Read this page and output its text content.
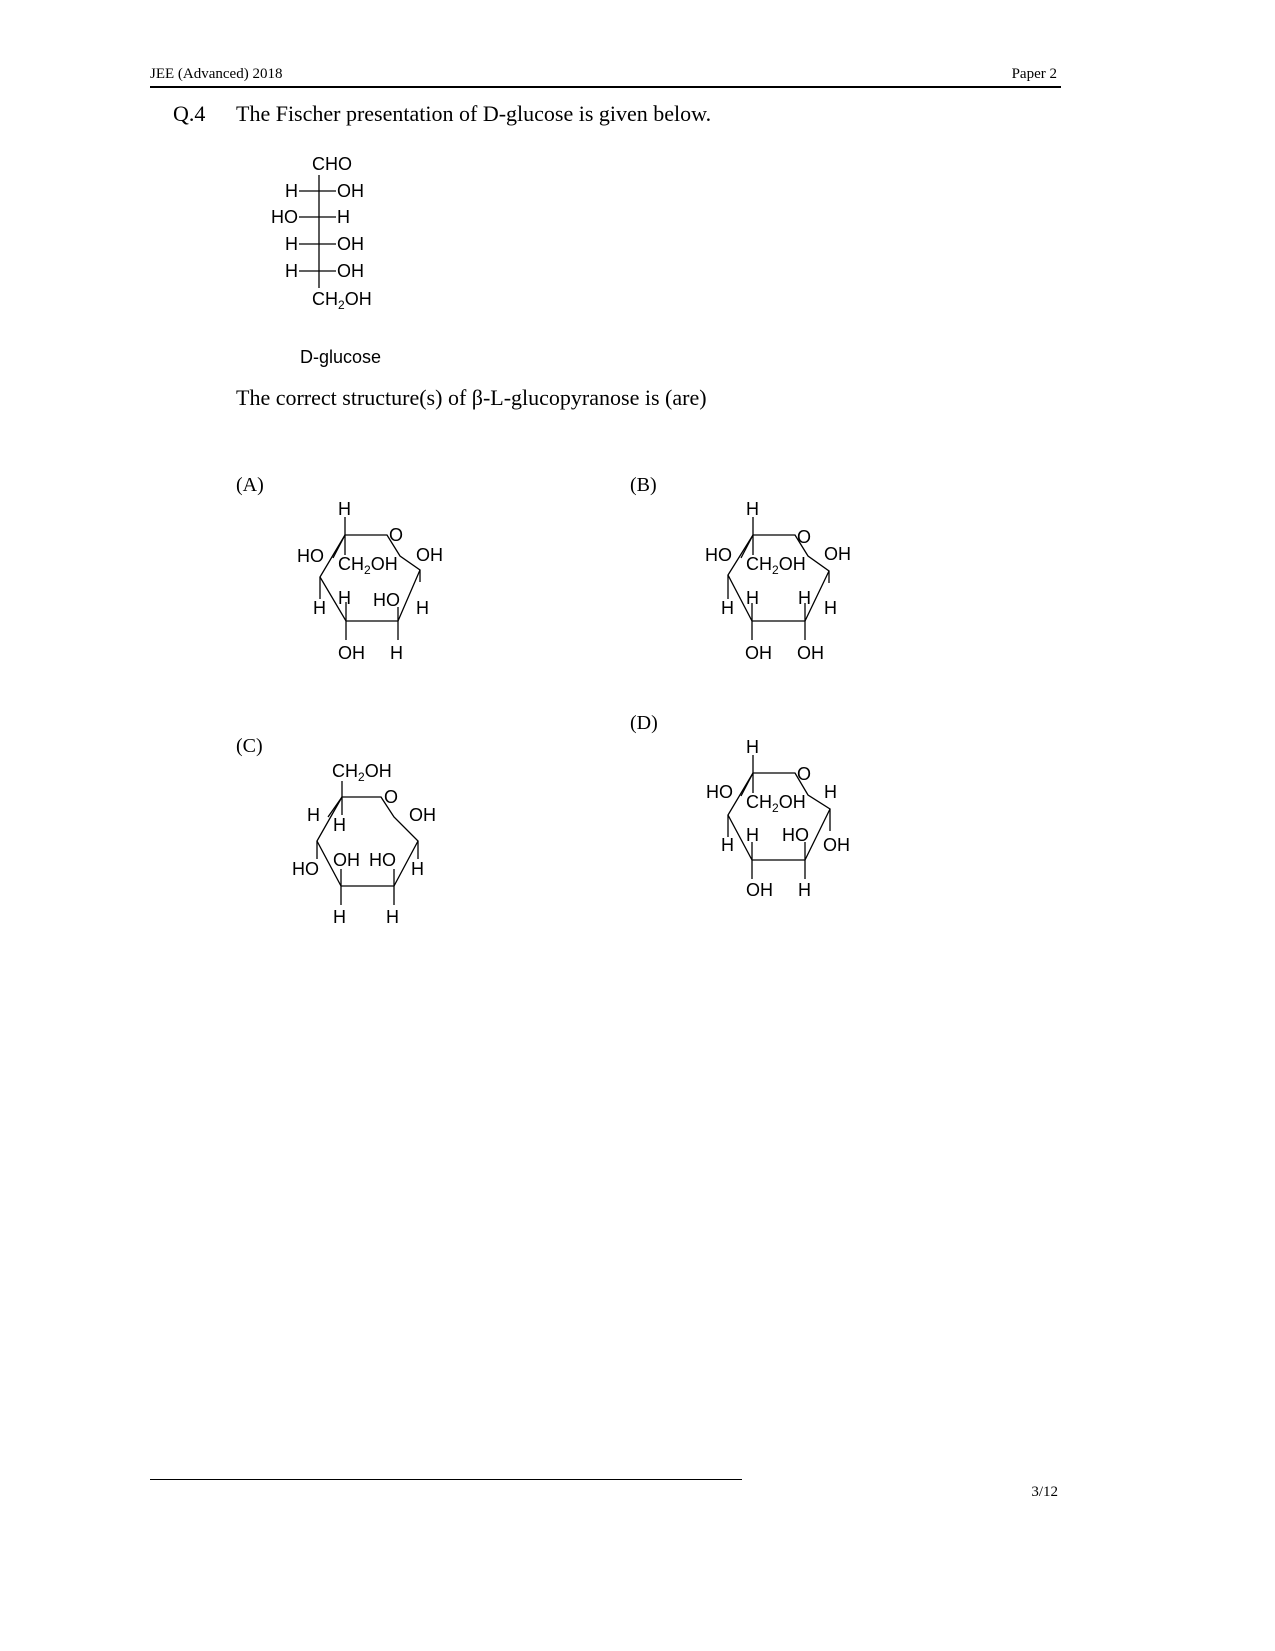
JEE (Advanced) 2018	Paper 2
Q.4 The Fischer presentation of D-glucose is given below.
CHO
H OH
HO H
H OH
H OH
$CH_2OH$
D-glucose
The correct structure(s) of β-L-glucopyranose is (are)
(A)	(B)
(C)
(D)
H
O
HO $CH_2OH$ OH
H H HO H
OH H
H
O
HO $CH_2OH$ OH
H H H H
OH OH
$CH_2OH$
O
H H	OH
HO OH HO H
H H
H
O
HO $CH_2OH$ H
H H HO OH
OH H
3/12
